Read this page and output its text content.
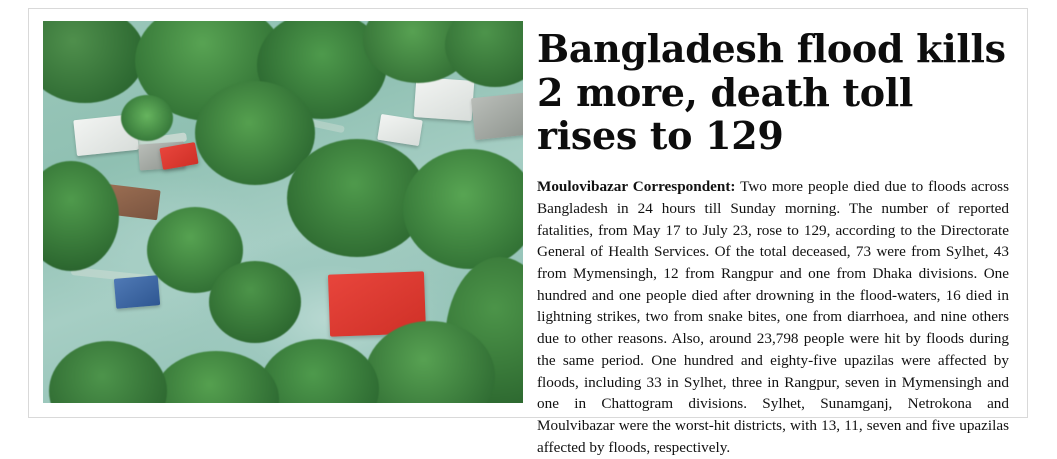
Bangladesh flood kills 2 more, death toll rises to 129

Moulovibazar Correspondent: Two more people died due to floods across Bangladesh in 24 hours till Sunday morning. The number of reported fatalities, from May 17 to July 23, rose to 129, according to the Directorate General of Health Services. Of the total deceased, 73 were from Sylhet, 43 from Mymensingh, 12 from Rangpur and one from Dhaka divisions. One hundred and one people died after drowning in the flood-waters, 16 died in lightning strikes, two from snake bites, one from diarrhoea, and nine others due to other reasons. Also, around 23,798 people were hit by floods during the same period. One hundred and eighty-five upazilas were affected by floods, including 33 in Sylhet, three in Rangpur, seven in Mymensingh and one in Chattogram divisions. Sylhet, Sunamganj, Netrokona and Moulvibazar were the worst-hit districts, with 13, 11, seven and five upazilas affected by floods, respectively.
